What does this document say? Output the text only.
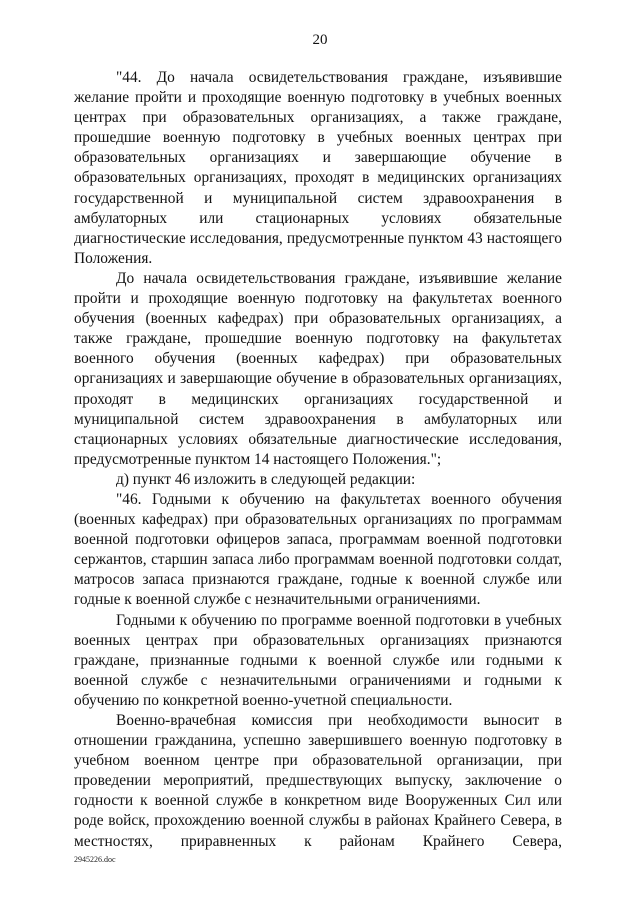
20

"44. До начала освидетельствования граждане, изъявившие желание пройти и проходящие военную подготовку в учебных военных центрах при образовательных организациях, а также граждане, прошедшие военную подготовку в учебных военных центрах при образовательных организациях и завершающие обучение в образовательных организациях, проходят в медицинских организациях государственной и муниципальной систем здравоохранения в амбулаторных или стационарных условиях обязательные диагностические исследования, предусмотренные пунктом 43 настоящего Положения.

До начала освидетельствования граждане, изъявившие желание пройти и проходящие военную подготовку на факультетах военного обучения (военных кафедрах) при образовательных организациях, а также граждане, прошедшие военную подготовку на факультетах военного обучения (военных кафедрах) при образовательных организациях и завершающие обучение в образовательных организациях, проходят в медицинских организациях государственной и муниципальной систем здравоохранения в амбулаторных или стационарных условиях обязательные диагностические исследования, предусмотренные пунктом 14 настоящего Положения.";

д) пункт 46 изложить в следующей редакции:

"46. Годными к обучению на факультетах военного обучения (военных кафедрах) при образовательных организациях по программам военной подготовки офицеров запаса, программам военной подготовки сержантов, старшин запаса либо программам военной подготовки солдат, матросов запаса признаются граждане, годные к военной службе или годные к военной службе с незначительными ограничениями.

Годными к обучению по программе военной подготовки в учебных военных центрах при образовательных организациях признаются граждане, признанные годными к военной службе или годными к военной службе с незначительными ограничениями и годными к обучению по конкретной военно-учетной специальности.

Военно-врачебная комиссия при необходимости выносит в отношении гражданина, успешно завершившего военную подготовку в учебном военном центре при образовательной организации, при проведении мероприятий, предшествующих выпуску, заключение о годности к военной службе в конкретном виде Вооруженных Сил или роде войск, прохождению военной службы в районах Крайнего Севера, в местностях, приравненных к районам Крайнего Севера,

2945226.doc
